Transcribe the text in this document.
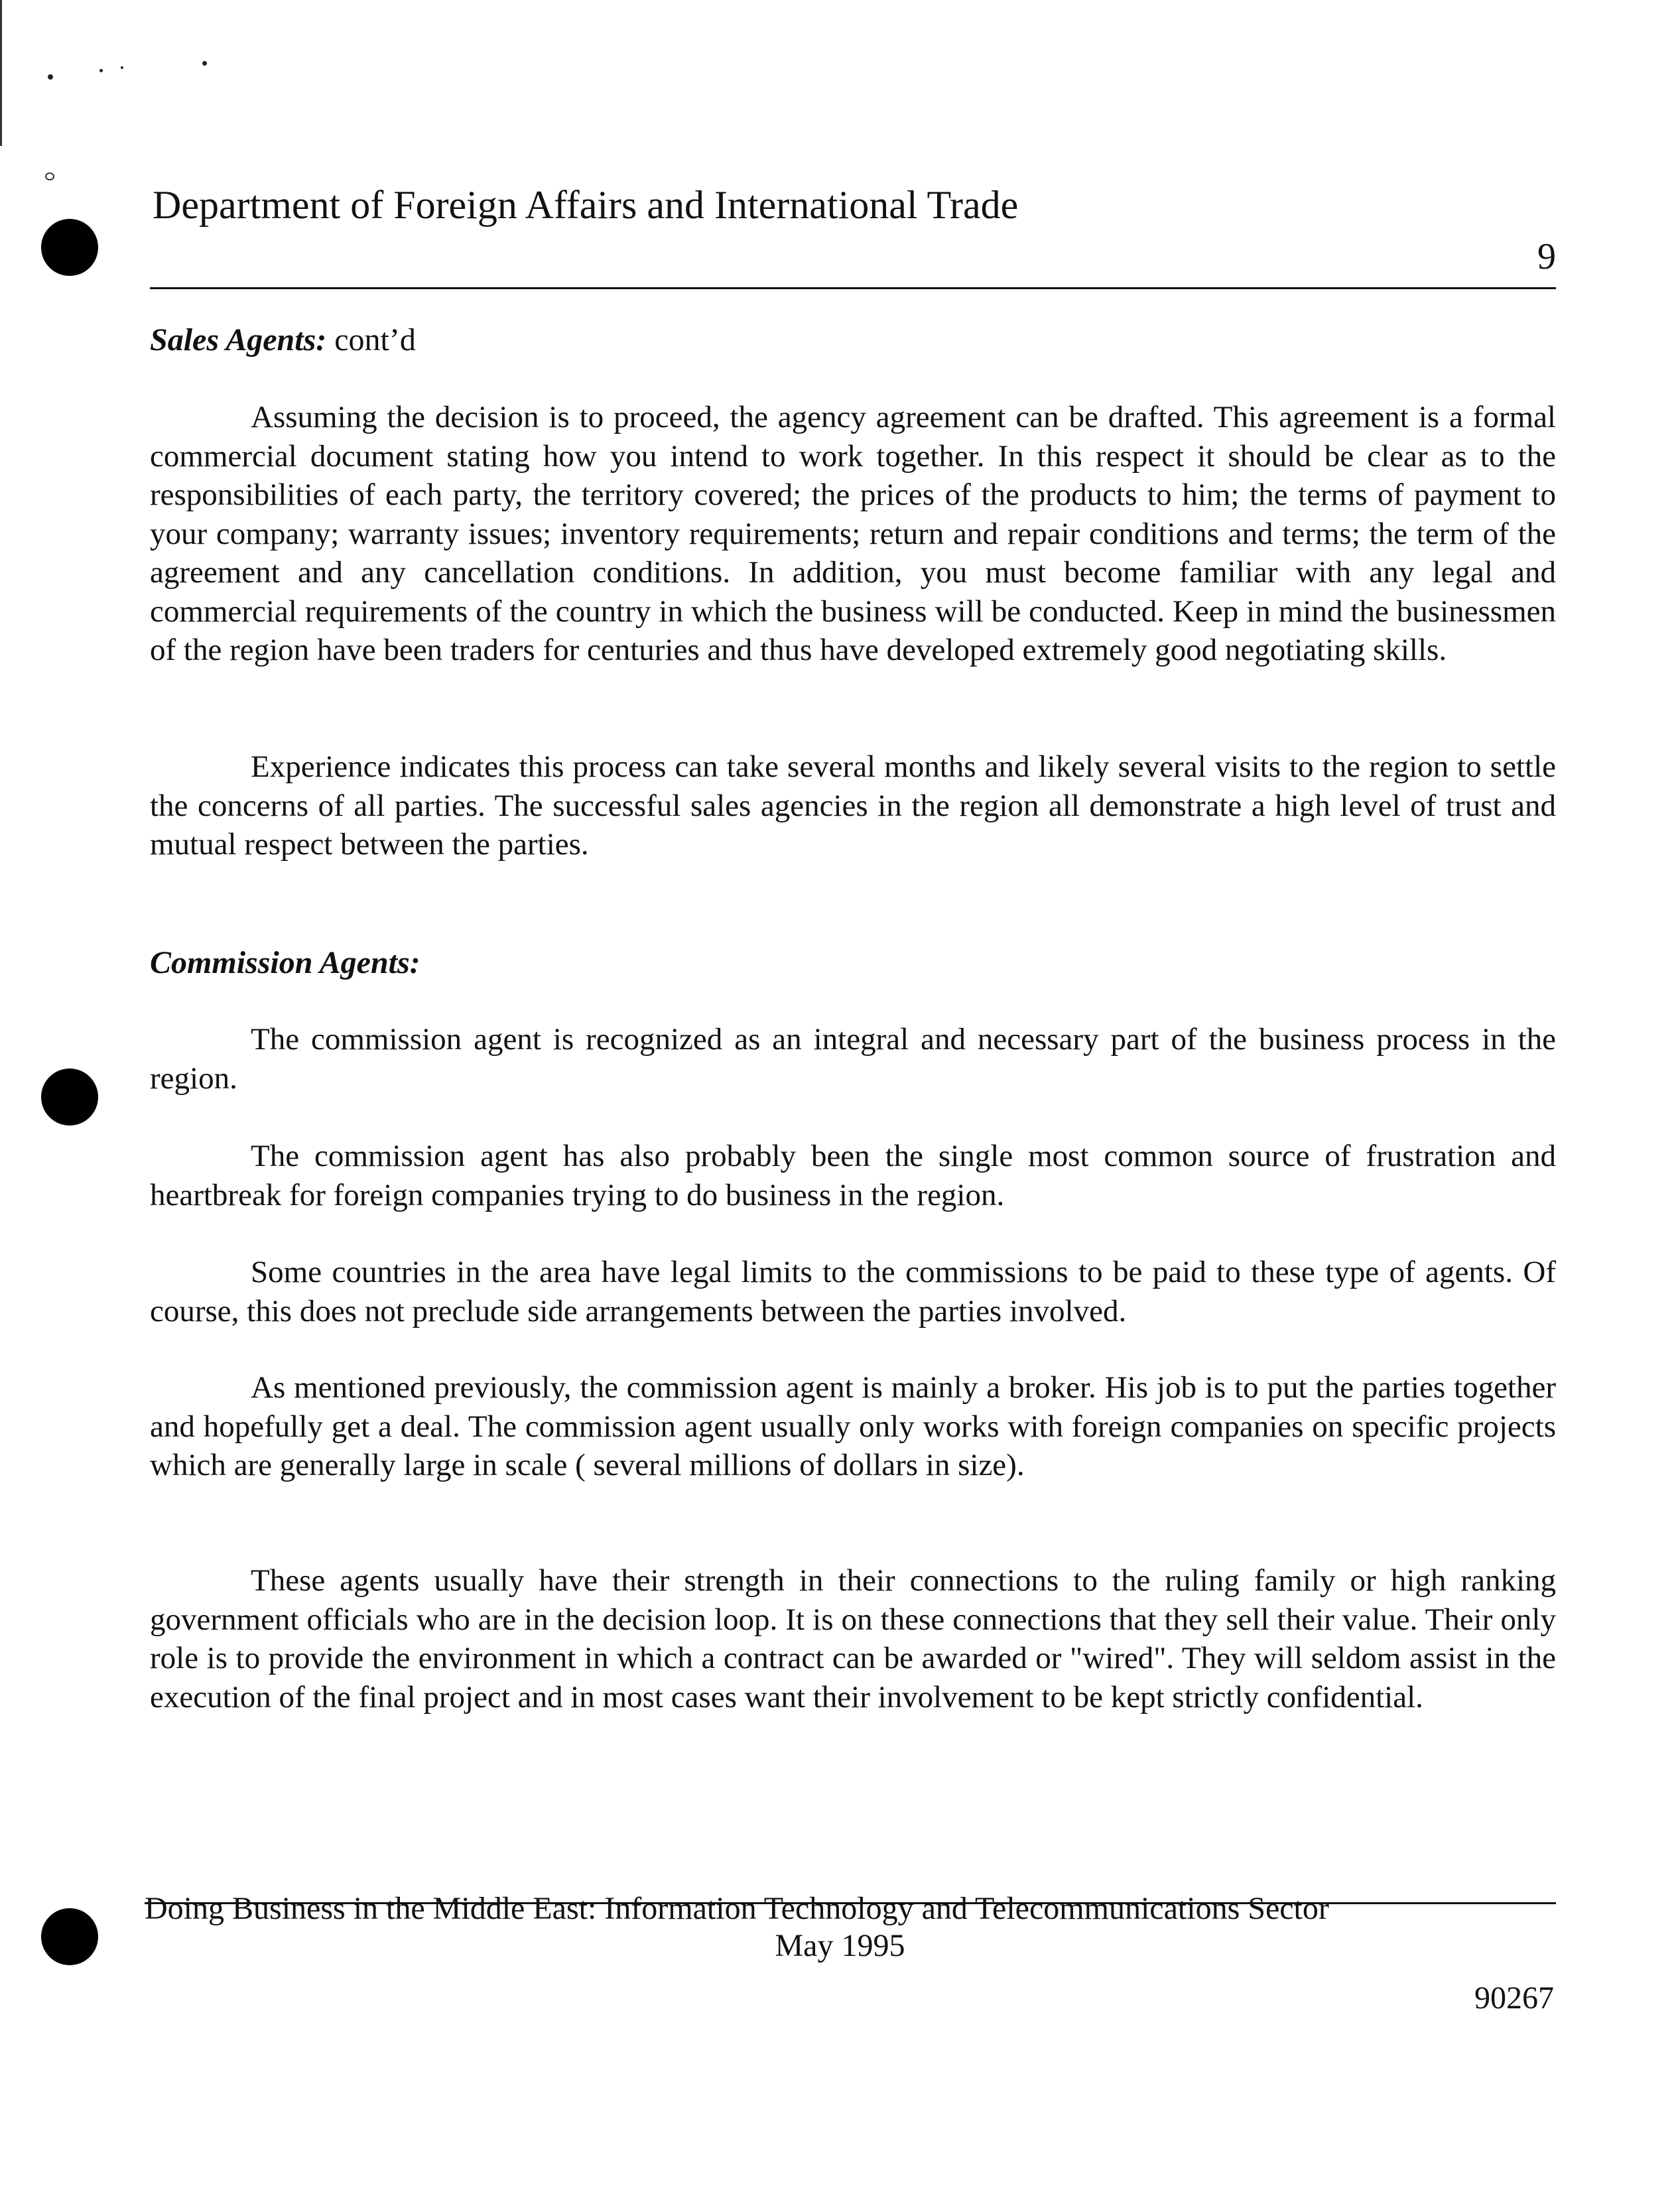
Department of Foreign Affairs and International Trade
9
Sales Agents: cont’d

Assuming the decision is to proceed, the agency agreement can be drafted. This agreement is a formal commercial document stating how you intend to work together. In this respect it should be clear as to the responsibilities of each party, the territory covered; the prices of the products to him; the terms of payment to your company; warranty issues; inventory requirements; return and repair conditions and terms; the term of the agreement and any cancellation conditions. In addition, you must become familiar with any legal and commercial requirements of the country in which the business will be conducted. Keep in mind the businessmen of the region have been traders for centuries and thus have developed extremely good negotiating skills.

Experience indicates this process can take several months and likely several visits to the region to settle the concerns of all parties. The successful sales agencies in the region all demonstrate a high level of trust and mutual respect between the parties.

Commission Agents:

The commission agent is recognized as an integral and necessary part of the business process in the region.

The commission agent has also probably been the single most common source of frustration and heartbreak for foreign companies trying to do business in the region.

Some countries in the area have legal limits to the commissions to be paid to these type of agents. Of course, this does not preclude side arrangements between the parties involved.

As mentioned previously, the commission agent is mainly a broker. His job is to put the parties together and hopefully get a deal. The commission agent usually only works with foreign companies on specific projects which are generally large in scale ( several millions of dollars in size).

These agents usually have their strength in their connections to the ruling family or high ranking government officials who are in the decision loop. It is on these connections that they sell their value. Their only role is to provide the environment in which a contract can be awarded or "wired". They will seldom assist in the execution of the final project and in most cases want their involvement to be kept strictly confidential.

Doing Business in the Middle East: Information Technology and Telecommunications Sector
May 1995
90267
